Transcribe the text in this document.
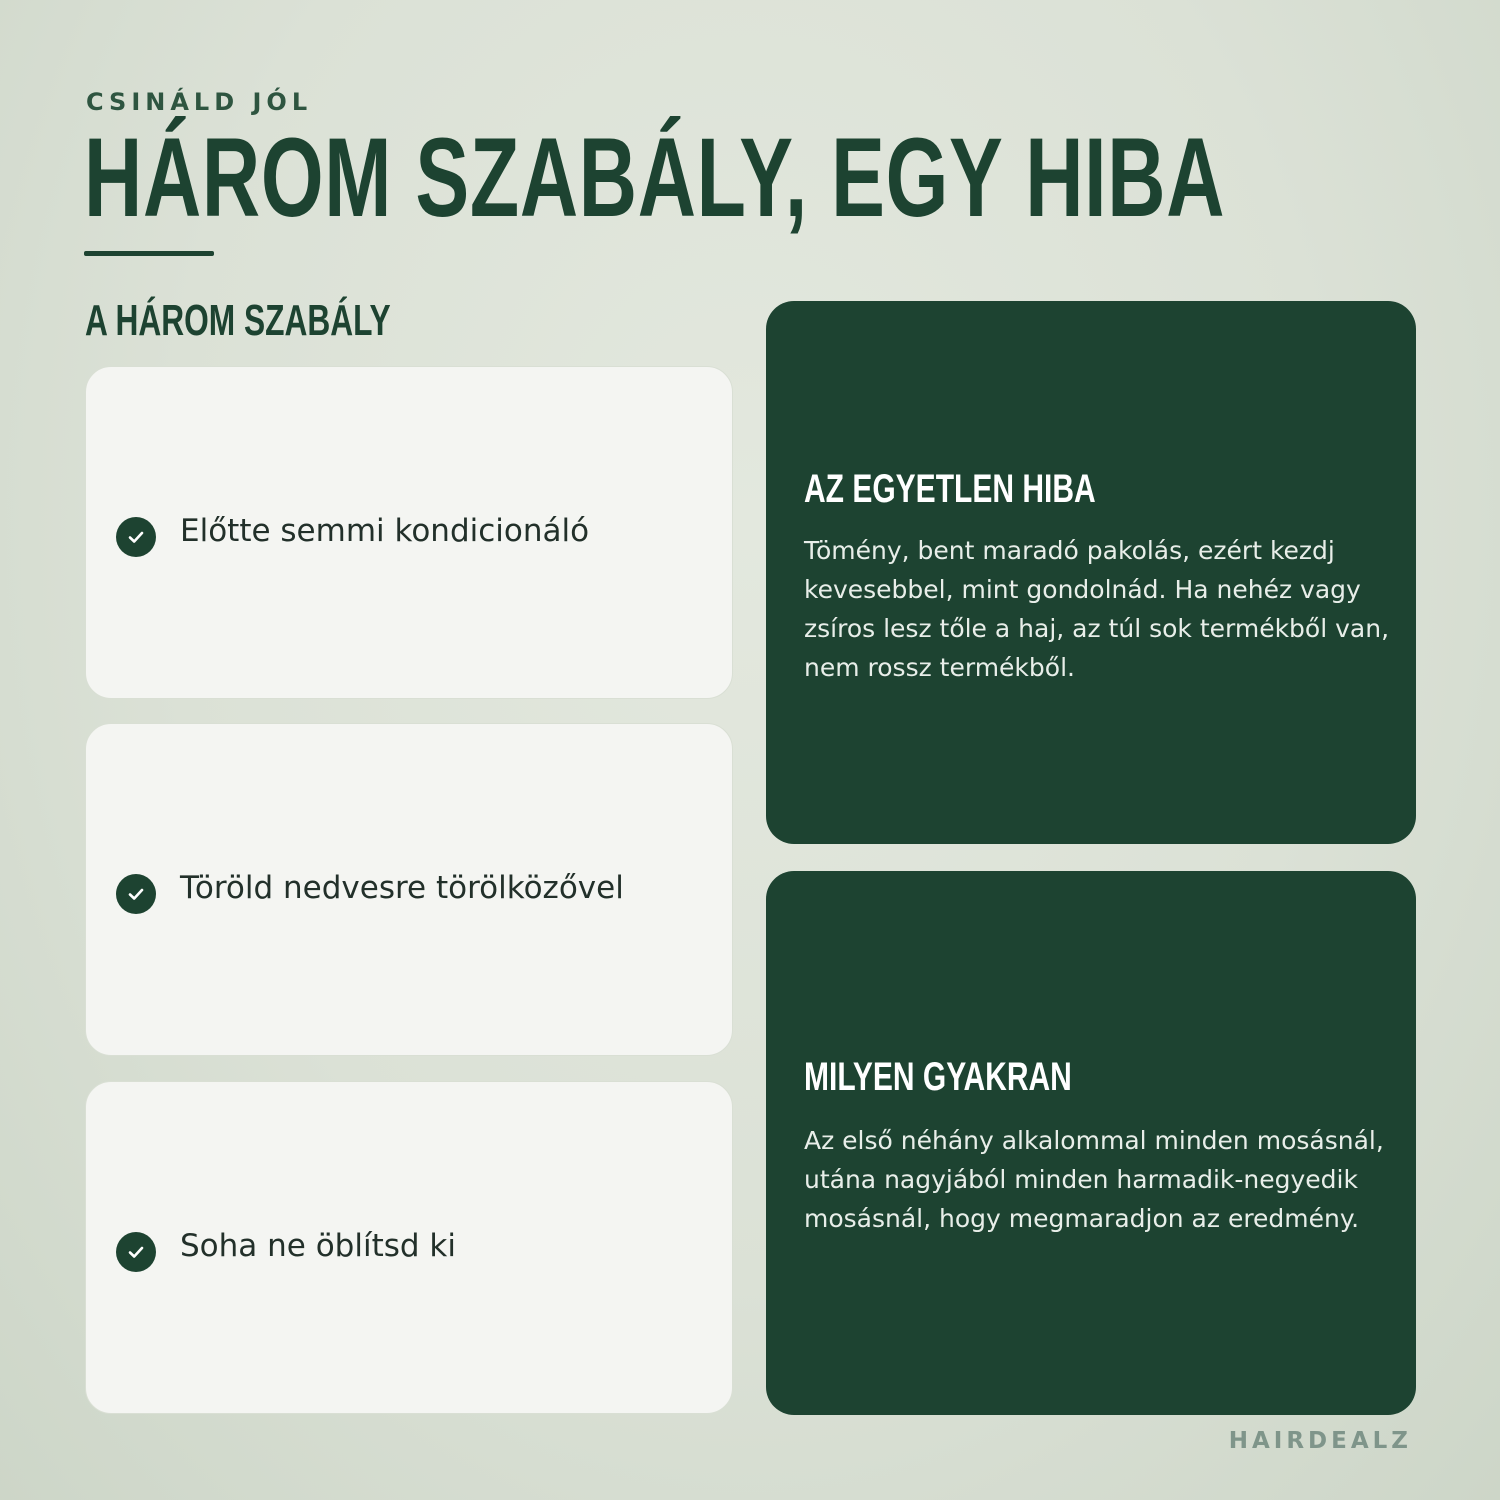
CSINÁLD JÓL
HÁROM SZABÁLY, EGY HIBA
A HÁROM SZABÁLY
Előtte semmi kondicionáló
Töröld nedvesre törölközővel
Soha ne öblítsd ki
AZ EGYETLEN HIBA
Tömény, bent maradó pakolás, ezért kezdj kevesebbel, mint gondolnád. Ha nehéz vagy zsíros lesz tőle a haj, az túl sok termékből van, nem rossz termékből.
MILYEN GYAKRAN
Az első néhány alkalommal minden mosásnál, utána nagyjából minden harmadik-negyedik mosásnál, hogy megmaradjon az eredmény.
HAIRDEALZ
